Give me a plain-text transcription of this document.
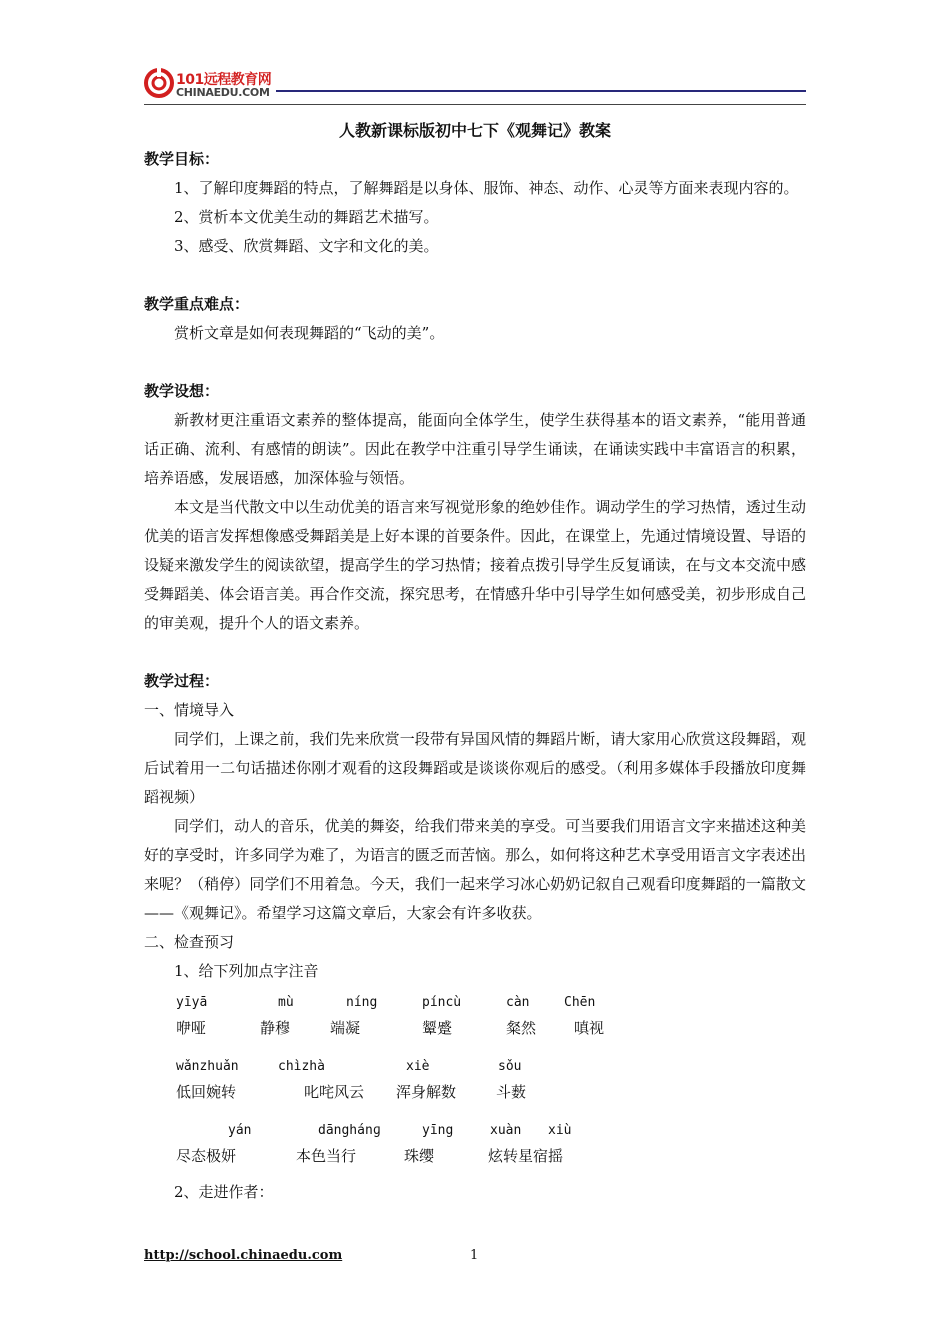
101远程教育网
CHINAEDU.COM

人教新课标版初中七下《观舞记》教案

教学目标：

1、了解印度舞蹈的特点，了解舞蹈是以身体、服饰、神态、动作、心灵等方面来表现内容的。

2、赏析本文优美生动的舞蹈艺术描写。

3、感受、欣赏舞蹈、文字和文化的美。

教学重点难点：

赏析文章是如何表现舞蹈的“飞动的美”。

教学设想：

新教材更注重语文素养的整体提高，能面向全体学生，使学生获得基本的语文素养，“能用普通话正确、流利、有感情的朗读”。因此在教学中注重引导学生诵读，在诵读实践中丰富语言的积累，培养语感，发展语感，加深体验与领悟。

本文是当代散文中以生动优美的语言来写视觉形象的绝妙佳作。调动学生的学习热情，透过生动优美的语言发挥想像感受舞蹈美是上好本课的首要条件。因此，在课堂上，先通过情境设置、导语的设疑来激发学生的阅读欲望，提高学生的学习热情；接着点拨引导学生反复诵读，在与文本交流中感受舞蹈美、体会语言美。再合作交流，探究思考，在情感升华中引导学生如何感受美，初步形成自己的审美观，提升个人的语文素养。

教学过程：

一、情境导入

同学们，上课之前，我们先来欣赏一段带有异国风情的舞蹈片断，请大家用心欣赏这段舞蹈，观后试着用一二句话描述你刚才观看的这段舞蹈或是谈谈你观后的感受。（利用多媒体手段播放印度舞蹈视频）

同学们，动人的音乐，优美的舞姿，给我们带来美的享受。可当要我们用语言文字来描述这种美好的享受时，许多同学为难了，为语言的匮乏而苦恼。那么，如何将这种艺术享受用语言文字表述出来呢？（稍停）同学们不用着急。今天，我们一起来学习冰心奶奶记叙自己观看印度舞蹈的一篇散文——《观舞记》。希望学习这篇文章后，大家会有许多收获。

二、检查预习

1、给下列加点字注音

yīyā	mù	níng	píncù	càn	Chēn
咿哑	静穆	端凝	颦蹙	粲然	嗔视
wǎnzhuǎn	chìzhà	xiè	sǒu
低回婉转	叱咤风云 浑身解数	斗薮
yán	dānghánɡ	yīng	xuàn xiù
尽态极妍	本色当行	珠缨	炫转星宿摇

2、走进作者：

http://school.chinaedu.com	1
